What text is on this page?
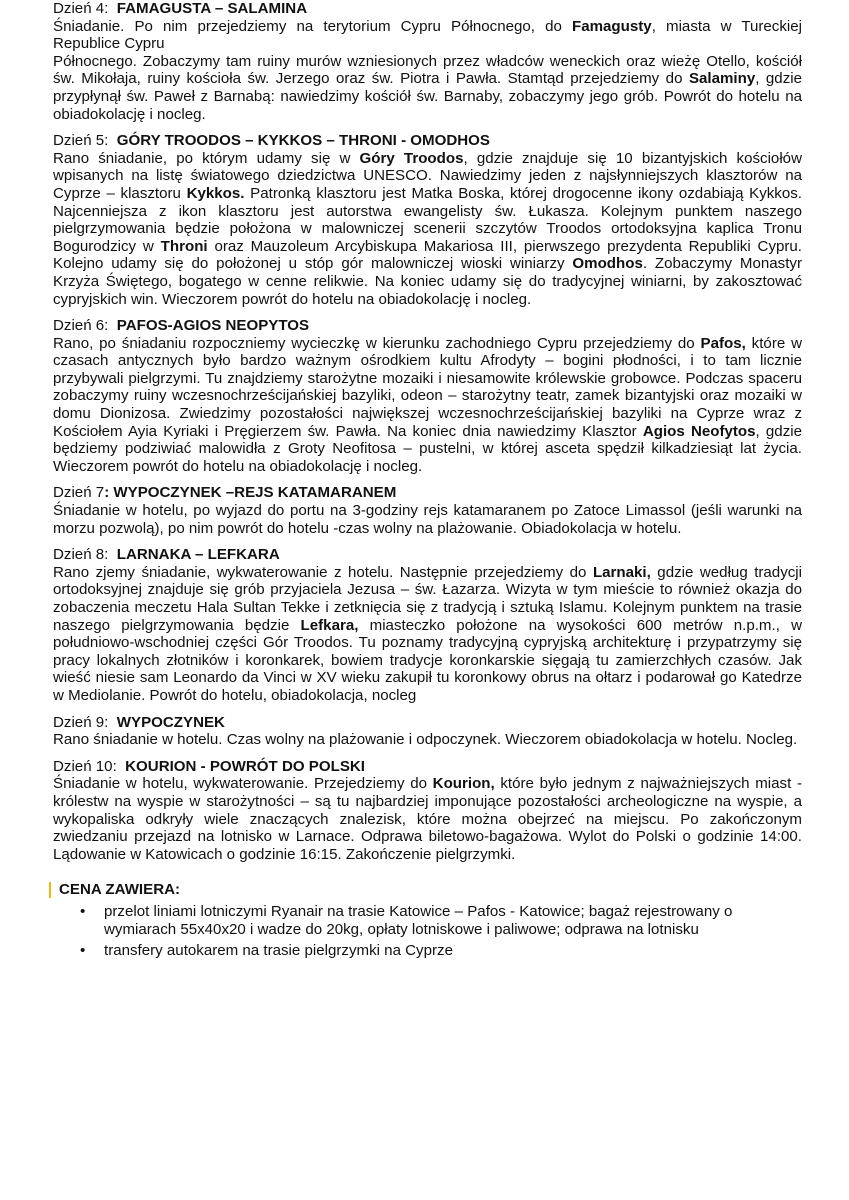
Dzień 4: FAMAGUSTA – SALAMINA

Śniadanie. Po nim przejedziemy na terytorium Cypru Północnego, do Famagusty, miasta w Tureckiej Republice Cypru

Północnego. Zobaczymy tam ruiny murów wzniesionych przez władców weneckich oraz wieżę Otello, kościół św. Mikołaja, ruiny kościoła św. Jerzego oraz św. Piotra i Pawła. Stamtąd przejedziemy do Salaminy, gdzie przypłynął św. Paweł z Barnabą: nawiedzimy kościół św. Barnaby, zobaczymy jego grób. Powrót do hotelu na obiadokolację i nocleg.

Dzień 5: GÓRY TROODOS – KYKKOS – THRONI - OMODHOS

Rano śniadanie, po którym udamy się w Góry Troodos, gdzie znajduje się 10 bizantyjskich kościołów wpisanych na listę światowego dziedzictwa UNESCO. Nawiedzimy jeden z najsłynniejszych klasztorów na Cyprze – klasztoru Kykkos. Patronką klasztoru jest Matka Boska, której drogocenne ikony ozdabiają Kykkos. Najcenniejsza z ikon klasztoru jest autorstwa ewangelisty św. Łukasza. Kolejnym punktem naszego pielgrzymowania będzie położona w malowniczej scenerii szczytów Troodos ortodoksyjna kaplica Tronu Bogurodzicy w Throni oraz Mauzoleum Arcybiskupa Makariosa III, pierwszego prezydenta Republiki Cypru. Kolejno udamy się do położonej u stóp gór malowniczej wioski winiarzy Omodhos. Zobaczymy Monastyr Krzyża Świętego, bogatego w cenne relikwie. Na koniec udamy się do tradycyjnej winiarni, by zakosztować cypryjskich win. Wieczorem powrót do hotelu na obiadokolację i nocleg.

Dzień 6: PAFOS-AGIOS NEOPYTOS

Rano, po śniadaniu rozpoczniemy wycieczkę w kierunku zachodniego Cypru przejedziemy do Pafos, które w czasach antycznych było bardzo ważnym ośrodkiem kultu Afrodyty – bogini płodności, i to tam licznie przybywali pielgrzymi. Tu znajdziemy starożytne mozaiki i niesamowite królewskie grobowce. Podczas spaceru zobaczymy ruiny wczesnochrześcijańskiej bazyliki, odeon – starożytny teatr, zamek bizantyjski oraz mozaiki w domu Dionizosa. Zwiedzimy pozostałości największej wczesnochrześcijańskiej bazyliki na Cyprze wraz z Kościołem Ayia Kyriaki i Pręgierzem św. Pawła. Na koniec dnia nawiedzimy Klasztor Agios Neofytos, gdzie będziemy podziwiać malowidła z Groty Neofitosa – pustelni, w której asceta spędził kilkadziesiąt lat życia. Wieczorem powrót do hotelu na obiadokolację i nocleg.

Dzień 7: WYPOCZYNEK –REJS KATAMARANEM

Śniadanie w hotelu, po wyjazd do portu na 3-godziny rejs katamaranem po Zatoce Limassol (jeśli warunki na morzu pozwolą), po nim powrót do hotelu -czas wolny na plażowanie. Obiadokolacja w hotelu.

Dzień 8: LARNAKA – LEFKARA

Rano zjemy śniadanie, wykwaterowanie z hotelu. Następnie przejedziemy do Larnaki, gdzie według tradycji ortodoksyjnej znajduje się grób przyjaciela Jezusa – św. Łazarza. Wizyta w tym mieście to również okazja do zobaczenia meczetu Hala Sultan Tekke i zetknięcia się z tradycją i sztuką Islamu. Kolejnym punktem na trasie naszego pielgrzymowania będzie Lefkara, miasteczko położone na wysokości 600 metrów n.p.m., w południowo-wschodniej części Gór Troodos. Tu poznamy tradycyjną cypryjską architekturę i przypatrzymy się pracy lokalnych złotników i koronkarek, bowiem tradycje koronkarskie sięgają tu zamierzchłych czasów. Jak wieść niesie sam Leonardo da Vinci w XV wieku zakupił tu koronkowy obrus na ołtarz i podarował go Katedrze w Mediolanie. Powrót do hotelu, obiadokolacja, nocleg

Dzień 9: WYPOCZYNEK

Rano śniadanie w hotelu. Czas wolny na plażowanie i odpoczynek. Wieczorem obiadokolacja w hotelu. Nocleg.

Dzień 10: KOURION - POWRÓT DO POLSKI

Śniadanie w hotelu, wykwaterowanie. Przejedziemy do Kourion, które było jednym z najważniejszych miast - królestw na wyspie w starożytności – są tu najbardziej imponujące pozostałości archeologiczne na wyspie, a wykopaliska odkryły wiele znaczących znalezisk, które można obejrzeć na miejscu. Po zakończonym zwiedzaniu przejazd na lotnisko w Larnace. Odprawa biletowo-bagażowa. Wylot do Polski o godzinie 14:00. Lądowanie w Katowicach o godzinie 16:15. Zakończenie pielgrzymki.

CENA ZAWIERA:
• przelot liniami lotniczymi Ryanair na trasie Katowice – Pafos - Katowice; bagaż rejestrowany o wymiarach 55x40x20 i wadze do 20kg, opłaty lotniskowe i paliwowe; odprawa na lotnisku
• transfery autokarem na trasie pielgrzymki na Cyprze
